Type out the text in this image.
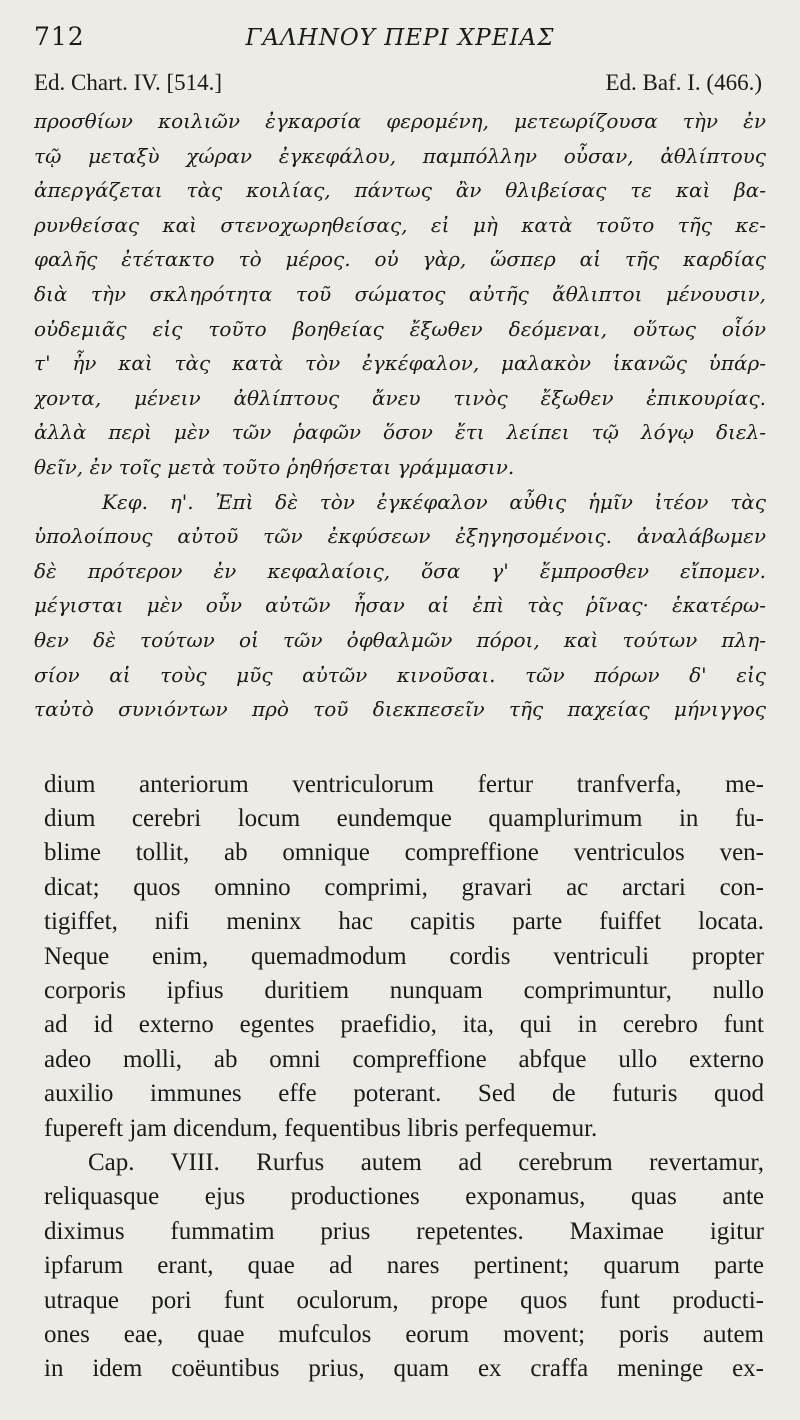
712	ΓΑΛΗΝΟΥ ΠΕΡΙ ΧΡΕΙΑΣ
Ed. Chart. IV. [514.]	Ed. Baf. I. (466.)
προσθίων κοιλιῶν ἐγκαρσία φερομένη, μετεωρίζουσα τὴν ἐν
τῷ μεταξὺ χώραν ἐγκεφάλου, παμπόλλην οὖσαν, ἀθλίπτους
ἀπεργάζεται τὰς κοιλίας, πάντως ἂν θλιβείσας τε καὶ βα-
ρυνθείσας καὶ στενοχωρηθείσας, εἰ μὴ κατὰ τοῦτο τῆς κε-
φαλῆς ἐτέτακτο τὸ μέρος. οὐ γὰρ, ὥσπερ αἱ τῆς καρδίας
διὰ τὴν σκληρότητα τοῦ σώματος αὐτῆς ἄθλιπτοι μένουσιν,
οὐδεμιᾶς εἰς τοῦτο βοηθείας ἔξωθεν δεόμεναι, οὕτως οἷόν
τ' ἦν καὶ τὰς κατὰ τὸν ἐγκέφαλον, μαλακὸν ἱκανῶς ὑπάρ-
χοντα, μένειν ἀθλίπτους ἄνευ τινὸς ἔξωθεν ἐπικουρίας.
ἀλλὰ περὶ μὲν τῶν ῥαφῶν ὅσον ἔτι λείπει τῷ λόγῳ διελ-
θεῖν, ἐν τοῖς μετὰ τοῦτο ῥηθήσεται γράμμασιν.
Κεφ. η'. Ἐπὶ δὲ τὸν ἐγκέφαλον αὖθις ἡμῖν ἰτέον τὰς
ὑπολοίπους αὐτοῦ τῶν ἐκφύσεων ἐξηγησομένοις. ἀναλάβωμεν
δὲ πρότερον ἐν κεφαλαίοις, ὅσα γ' ἔμπροσθεν εἴπομεν.
μέγισται μὲν οὖν αὐτῶν ἦσαν αἱ ἐπὶ τὰς ῥῖνας· ἑκατέρω-
θεν δὲ τούτων οἱ τῶν ὀφθαλμῶν πόροι, καὶ τούτων πλη-
σίον αἱ τοὺς μῦς αὐτῶν κινοῦσαι. τῶν πόρων δ' εἰς
ταὐτὸ συνιόντων πρὸ τοῦ διεκπεσεῖν τῆς παχείας μήνιγγος
dium anteriorum ventriculorum fertur tranfverfa, me-
dium cerebri locum eundemque quamplurimum in fu-
blime tollit, ab omnique compreffione ventriculos ven-
dicat; quos omnino comprimi, gravari ac arctari con-
tigiffet, nifi meninx hac capitis parte fuiffet locata.
Neque enim, quemadmodum cordis ventriculi propter
corporis ipfius duritiem nunquam comprimuntur, nullo
ad id externo egentes praefidio, ita, qui in cerebro funt
adeo molli, ab omni compreffione abfque ullo externo
auxilio immunes effe poterant. Sed de futuris quod
fupereft jam dicendum, fequentibus libris perfequemur.
Cap. VIII. Rurfus autem ad cerebrum revertamur,
reliquasque ejus productiones exponamus, quas ante
diximus fummatim prius repetentes. Maximae igitur
ipfarum erant, quae ad nares pertinent; quarum parte
utraque pori funt oculorum, prope quos funt producti-
ones eae, quae mufculos eorum movent; poris autem
in idem coëuntibus prius, quam ex craffa meninge ex-
